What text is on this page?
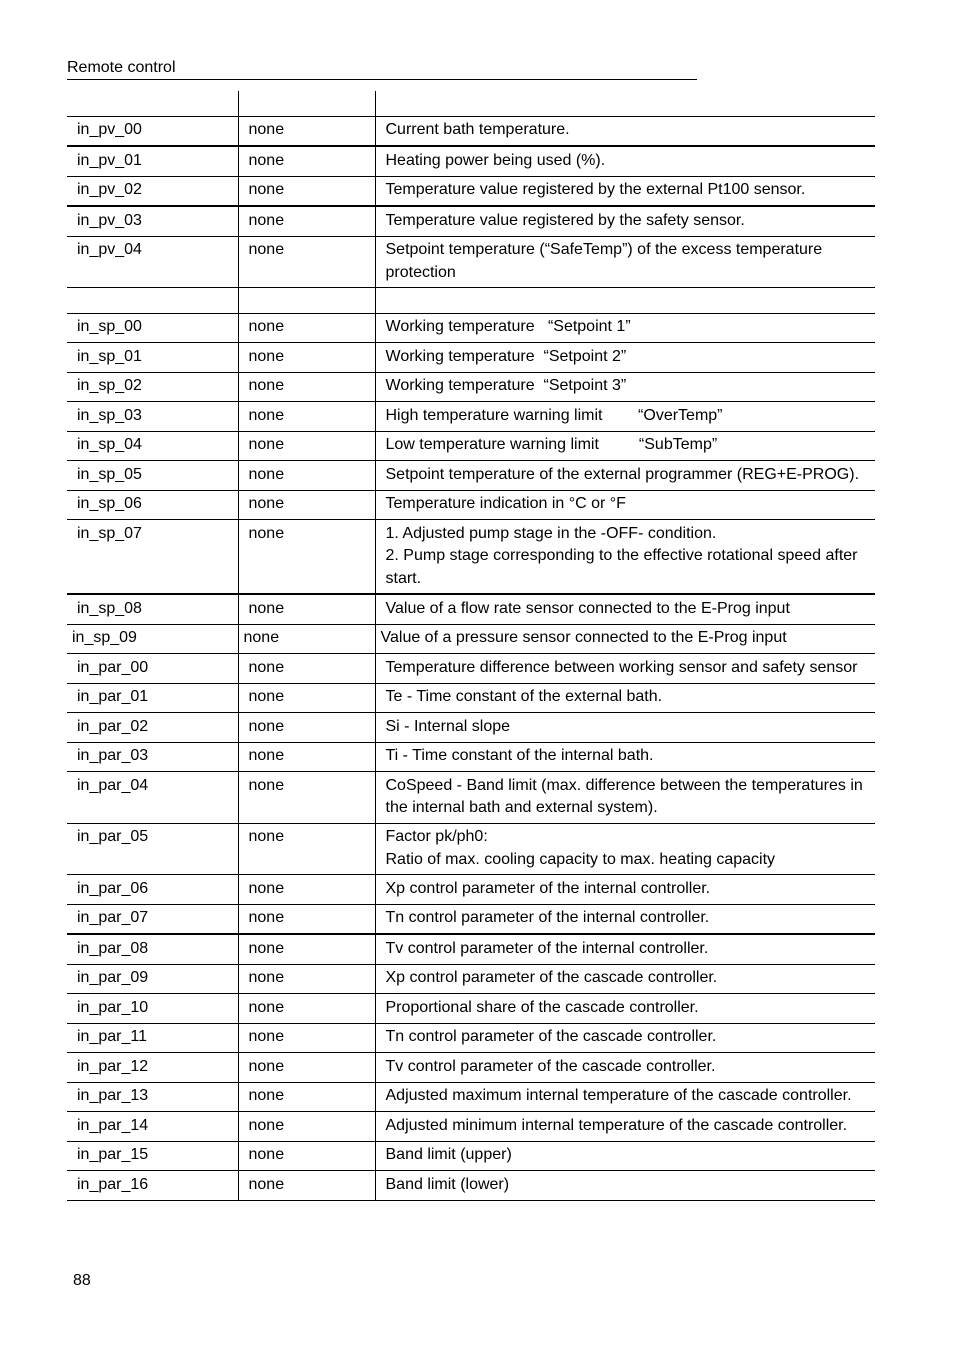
Remote control

in_pv_00	none	Current bath temperature.
in_pv_01	none	Heating power being used (%).
in_pv_02	none	Temperature value registered by the external Pt100 sensor.
in_pv_03	none	Temperature value registered by the safety sensor.
in_pv_04	none	Setpoint temperature (“SafeTemp”) of the excess temperature protection

in_sp_00	none	Working temperature   “Setpoint 1”
in_sp_01	none	Working temperature  “Setpoint 2”
in_sp_02	none	Working temperature  “Setpoint 3”
in_sp_03	none	High temperature warning limit        “OverTemp”
in_sp_04	none	Low temperature warning limit         “SubTemp”
in_sp_05	none	Setpoint temperature of the external programmer (REG+E-PROG).
in_sp_06	none	Temperature indication in °C or °F
in_sp_07	none	1. Adjusted pump stage in the -OFF- condition.
2. Pump stage corresponding to the effective rotational speed after start.
in_sp_08	none	Value of a flow rate sensor connected to the E-Prog input
in_sp_09	none	Value of a pressure sensor connected to the E-Prog input
in_par_00	none	Temperature difference between working sensor and safety sensor
in_par_01	none	Te - Time constant of the external bath.
in_par_02	none	Si - Internal slope
in_par_03	none	Ti - Time constant of the internal bath.
in_par_04	none	CoSpeed - Band limit (max. difference between the temperatures in the internal bath and external system).
in_par_05	none	Factor pk/ph0:
Ratio of max. cooling capacity to max. heating capacity
in_par_06	none	Xp control parameter of the internal controller.
in_par_07	none	Tn control parameter of the internal controller.
in_par_08	none	Tv control parameter of the internal controller.
in_par_09	none	Xp control parameter of the cascade controller.
in_par_10	none	Proportional share of the cascade controller.
in_par_11	none	Tn control parameter of the cascade controller.
in_par_12	none	Tv control parameter of the cascade controller.
in_par_13	none	Adjusted maximum internal temperature of the cascade controller.
in_par_14	none	Adjusted minimum internal temperature of the cascade controller.
in_par_15	none	Band limit (upper)
in_par_16	none	Band limit (lower)
88
